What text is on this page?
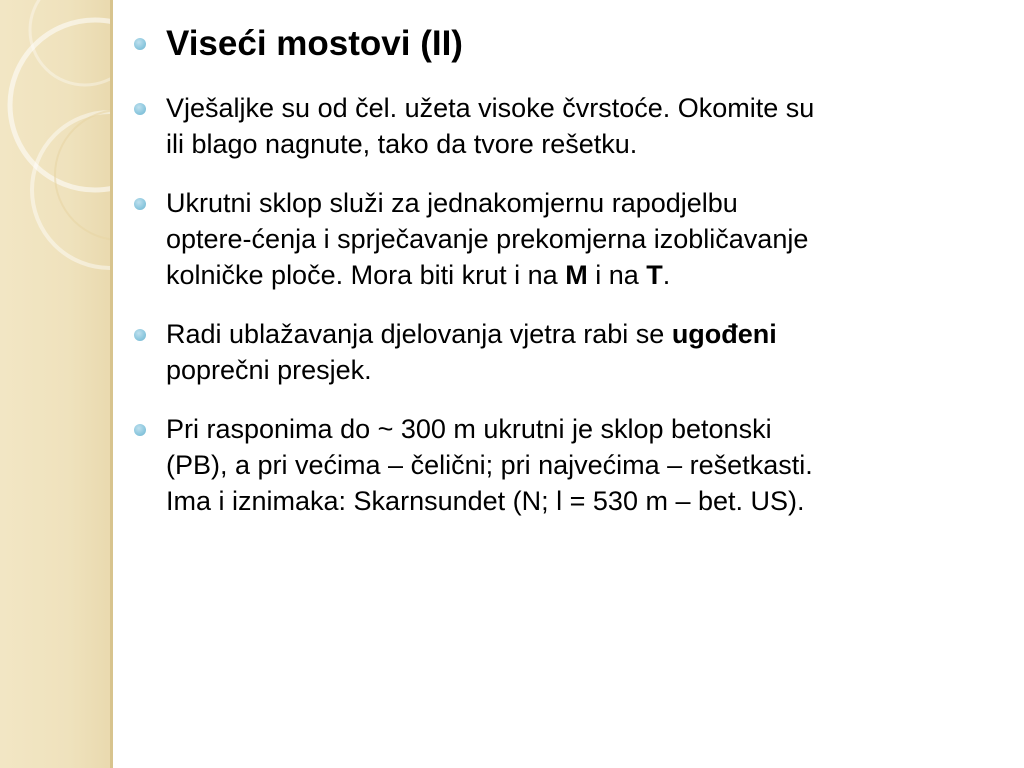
Viseći mostovi (II)
Vješaljke su od čel. užeta visoke čvrstoće. Okomite su
ili blago nagnute, tako da tvore rešetku.
Ukrutni sklop služi za jednakomjernu rapodjelbu
optere-ćenja i sprječavanje prekomjerna izobličavanje
kolničke ploče. Mora biti krut i na M i na T.
Radi ublažavanja djelovanja vjetra rabi se ugođeni
poprečni presjek.
Pri rasponima do ~ 300 m ukrutni je sklop betonski
(PB), a pri većima – čelični; pri najvećima – rešetkasti.
Ima i iznimaka: Skarnsundet (N; l = 530 m – bet. US).
